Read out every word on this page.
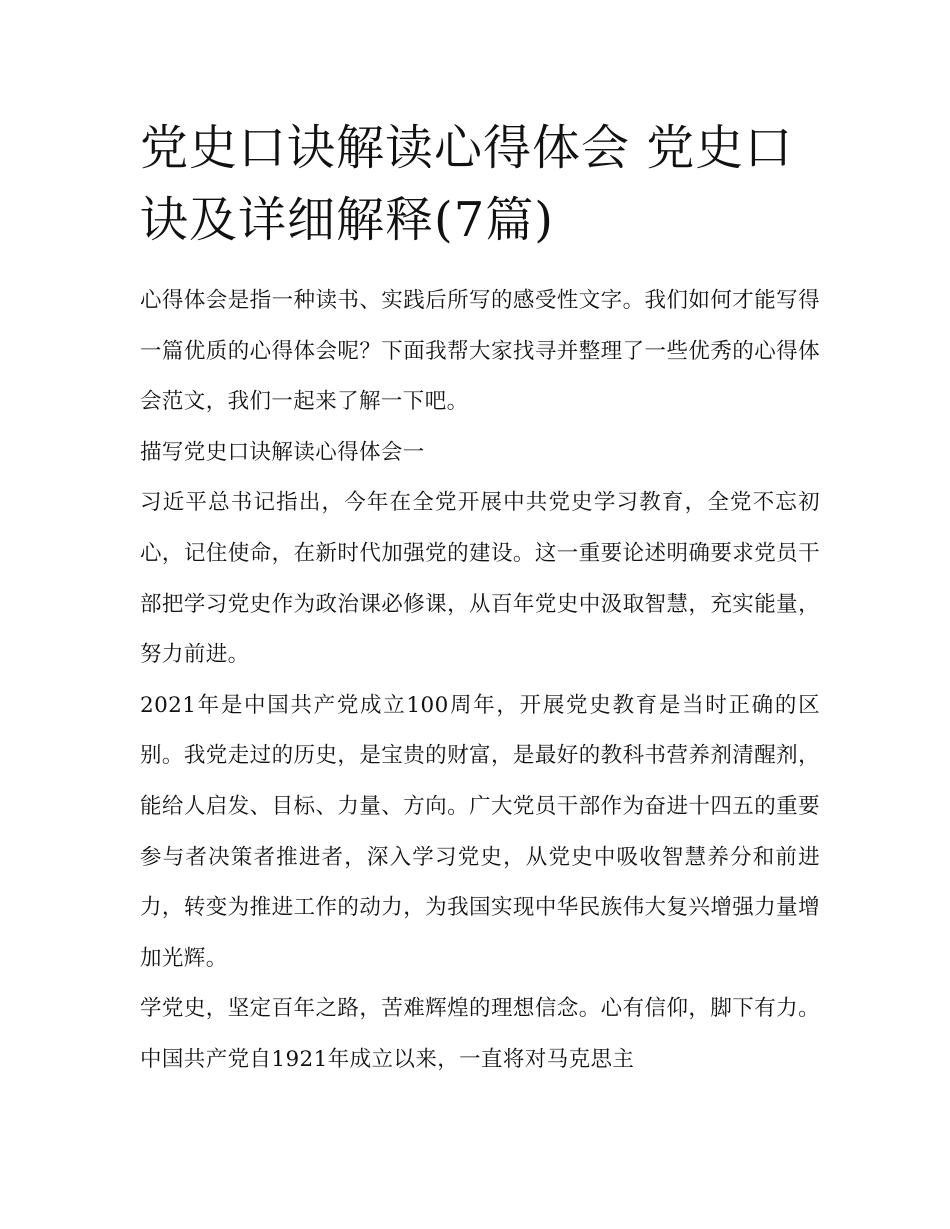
党史口诀解读心得体会 党史口诀及详细解释(7篇)

心得体会是指一种读书、实践后所写的感受性文字。我们如何才能写得一篇优质的心得体会呢？下面我帮大家找寻并整理了一些优秀的心得体会范文，我们一起来了解一下吧。

描写党史口诀解读心得体会一

习近平总书记指出，今年在全党开展中共党史学习教育，全党不忘初心，记住使命，在新时代加强党的建设。这一重要论述明确要求党员干部把学习党史作为政治课必修课，从百年党史中汲取智慧，充实能量，努力前进。

2021年是中国共产党成立100周年，开展党史教育是当时正确的区别。我党走过的历史，是宝贵的财富，是最好的教科书营养剂清醒剂，能给人启发、目标、力量、方向。广大党员干部作为奋进十四五的重要参与者决策者推进者，深入学习党史，从党史中吸收智慧养分和前进力，转变为推进工作的动力，为我国实现中华民族伟大复兴增强力量增加光辉。

学党史，坚定百年之路，苦难辉煌的理想信念。心有信仰，脚下有力。中国共产党自1921年成立以来，一直将对马克思主
